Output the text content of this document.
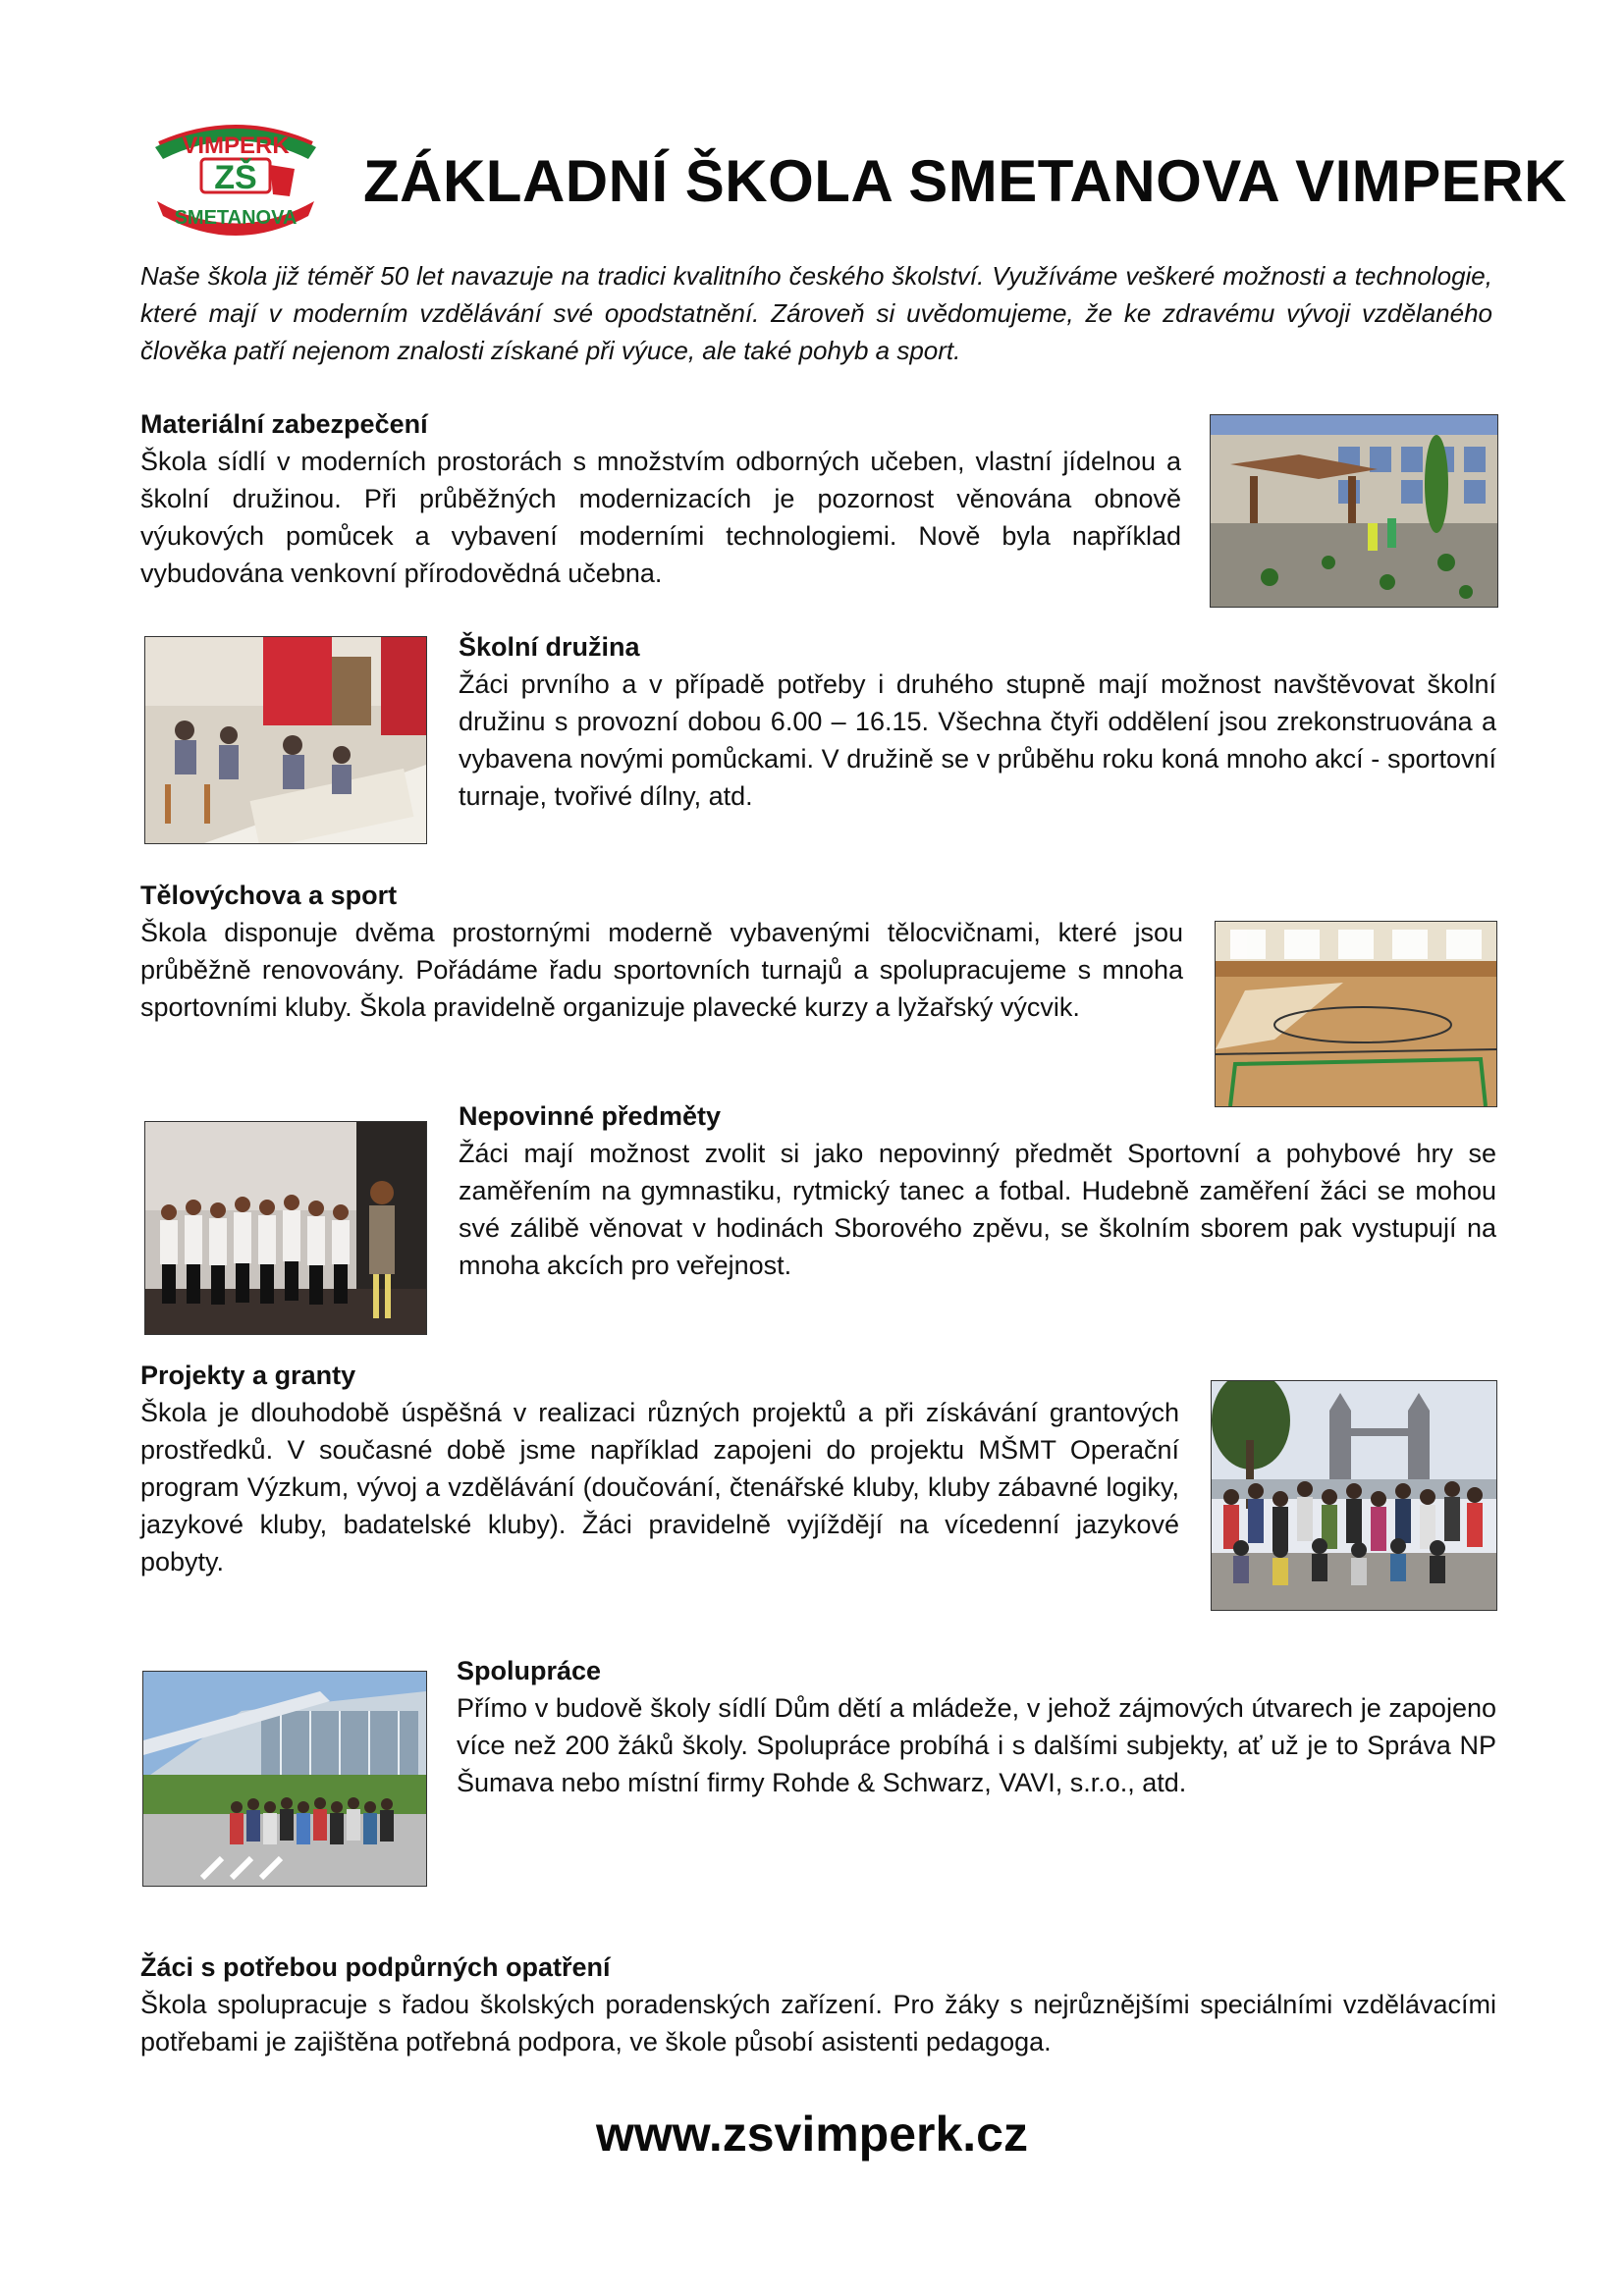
VIMPERK
ZŠ
SMETANOVA
ZÁKLADNÍ ŠKOLA SMETANOVA VIMPERK
Naše škola již téměř 50 let navazuje na tradici kvalitního českého školství. Využíváme veškeré možnosti a technologie, které mají v moderním vzdělávání své opodstatnění. Zároveň si uvědomujeme, že ke zdravému vývoji vzdělaného člověka patří nejenom znalosti získané při výuce, ale také pohyb a sport.
Materiální zabezpečení
Škola sídlí v moderních prostorách s množstvím odborných učeben, vlastní jídelnou a školní družinou. Při průběžných modernizacích je pozornost věnována obnově výukových pomůcek a vybavení moderními technologiemi. Nově byla například vybudována venkovní přírodovědná učebna.
Školní družina
Žáci prvního a v případě potřeby i druhého stupně mají možnost navštěvovat školní družinu s provozní dobou 6.00 – 16.15. Všechna čtyři oddělení jsou zrekonstruována a vybavena novými pomůckami. V družině se v průběhu roku koná mnoho akcí - sportovní turnaje, tvořivé dílny, atd.
Tělovýchova a sport
Škola disponuje dvěma prostornými moderně vybavenými tělocvičnami, které jsou průběžně renovovány. Pořádáme řadu sportovních turnajů a spolupracujeme s mnoha sportovními kluby. Škola pravidelně organizuje plavecké kurzy a lyžařský výcvik.
Nepovinné předměty
Žáci mají možnost zvolit si jako nepovinný předmět Sportovní a pohybové hry se zaměřením na gymnastiku, rytmický tanec a fotbal. Hudebně zaměření žáci se mohou své zálibě věnovat v hodinách Sborového zpěvu, se školním sborem pak vystupují na mnoha akcích pro veřejnost.
Projekty a granty
Škola je dlouhodobě úspěšná v realizaci různých projektů a při získávání grantových prostředků. V současné době jsme například zapojeni do projektu MŠMT Operační program Výzkum, vývoj a vzdělávání (doučování, čtenářské kluby, kluby zábavné logiky, jazykové kluby, badatelské kluby). Žáci pravidelně vyjíždějí na vícedenní jazykové pobyty.
Spolupráce
Přímo v budově školy sídlí Dům dětí a mládeže, v jehož zájmových útvarech je zapojeno více než 200 žáků školy. Spolupráce probíhá i s dalšími subjekty, ať už je to Správa NP Šumava nebo místní firmy Rohde & Schwarz, VAVI, s.r.o., atd.
Žáci s potřebou podpůrných opatření
Škola spolupracuje s řadou školských poradenských zařízení. Pro žáky s nejrůznějšími speciálními vzdělávacími potřebami je zajištěna potřebná podpora, ve škole působí asistenti pedagoga.
www.zsvimperk.cz
